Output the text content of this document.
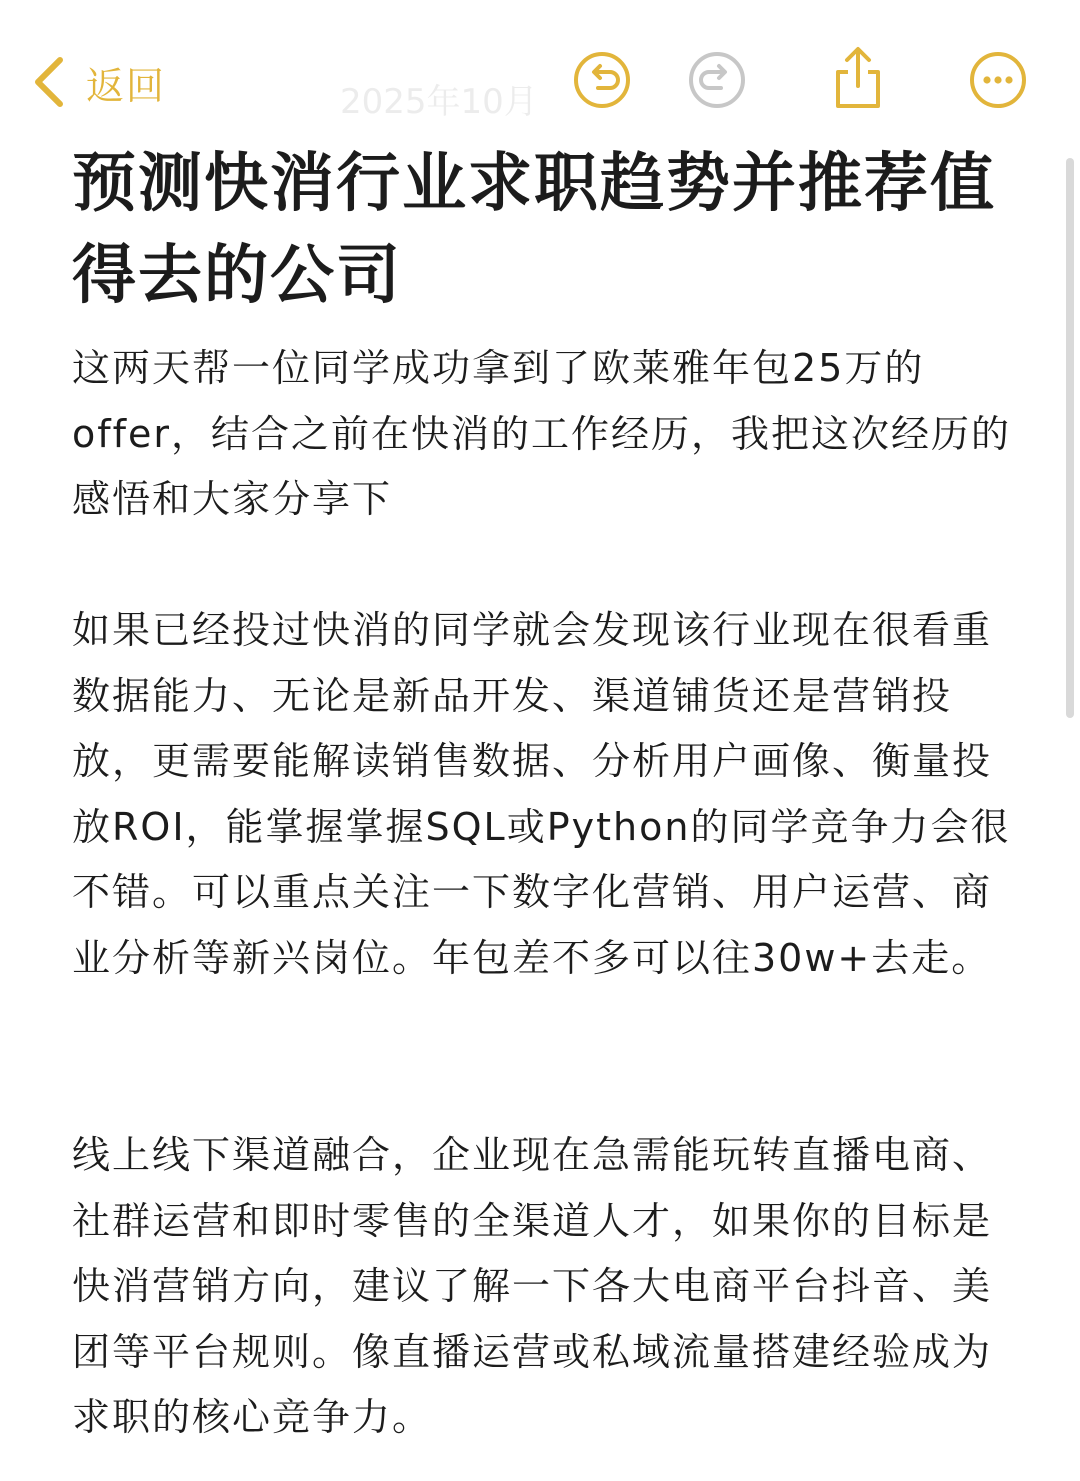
返回	2025年10月
预测快消行业求职趋势并推荐值得去的公司

这两天帮一位同学成功拿到了欧莱雅年包25万的offer，结合之前在快消的工作经历，我把这次经历的感悟和大家分享下

如果已经投过快消的同学就会发现该行业现在很看重数据能力、无论是新品开发、渠道铺货还是营销投放，更需要能解读销售数据、分析用户画像、衡量投放ROI，能掌握掌握SQL或Python的同学竞争力会很不错。可以重点关注一下数字化营销、用户运营、商业分析等新兴岗位。年包差不多可以往30w+去走。

线上线下渠道融合，企业现在急需能玩转直播电商、社群运营和即时零售的全渠道人才，如果你的目标是快消营销方向，建议了解一下各大电商平台抖音、美团等平台规则。像直播运营或私域流量搭建经验成为求职的核心竞争力。
